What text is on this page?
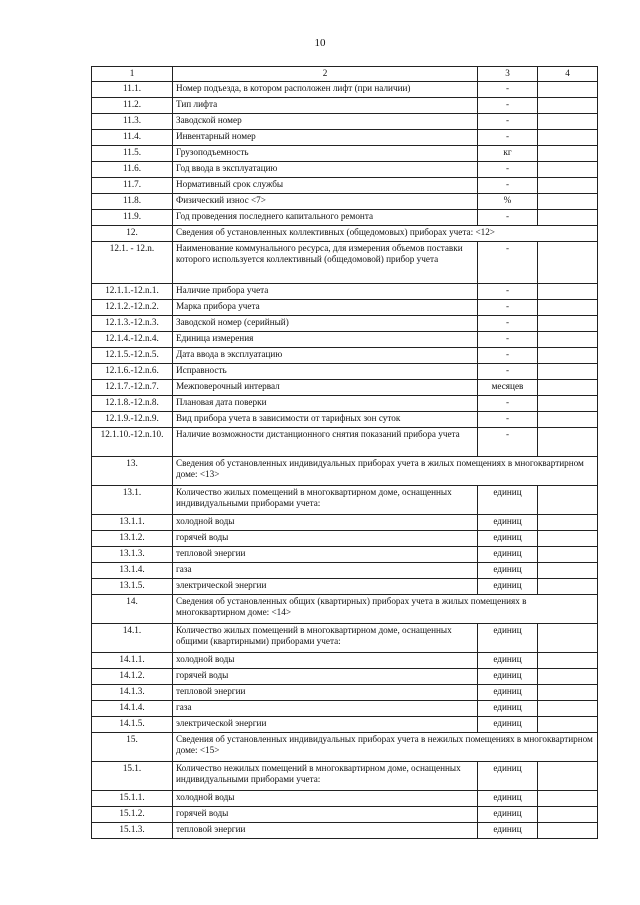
10
1	2	3	4
11.1.	Номер подъезда, в котором расположен лифт (при наличии)	-	
11.2.	Тип лифта	-	
11.3.	Заводской номер	-	
11.4.	Инвентарный номер	-	
11.5.	Грузоподъемность	кг	
11.6.	Год ввода в эксплуатацию	-	
11.7.	Нормативный срок службы	-	
11.8.	Физический износ <7>	%	
11.9.	Год проведения последнего капитального ремонта	-	
12.	Сведения об установленных коллективных (общедомовых) приборах учета: <12>		
12.1. - 12.n.	Наименование коммунального ресурса, для измерения объемов поставки которого используется коллективный (общедомовой) прибор учета	-	
12.1.1.-12.n.1.	Наличие прибора учета	-	
12.1.2.-12.n.2.	Марка прибора учета	-	
12.1.3.-12.n.3.	Заводской номер (серийный)	-	
12.1.4.-12.n.4.	Единица измерения	-	
12.1.5.-12.n.5.	Дата ввода в эксплуатацию	-	
12.1.6.-12.n.6.	Исправность	-	
12.1.7.-12.n.7.	Межповерочный интервал	месяцев	
12.1.8.-12.n.8.	Плановая дата поверки	-	
12.1.9.-12.n.9.	Вид прибора учета в зависимости от тарифных зон суток	-	
12.1.10.-12.n.10.	Наличие возможности дистанционного снятия показаний прибора учета	-	
13.	Сведения об установленных индивидуальных приборах учета в жилых помещениях в многоквартирном доме: <13>		
13.1.	Количество жилых помещений в многоквартирном доме, оснащенных индивидуальными приборами учета:	единиц	
13.1.1.	холодной воды	единиц	
13.1.2.	горячей воды	единиц	
13.1.3.	тепловой энергии	единиц	
13.1.4.	газа	единиц	
13.1.5.	электрической энергии	единиц	
14.	Сведения об установленных общих (квартирных) приборах учета в жилых помещениях в многоквартирном доме: <14>		
14.1.	Количество жилых помещений в многоквартирном доме, оснащенных общими (квартирными) приборами учета:	единиц	
14.1.1.	холодной воды	единиц	
14.1.2.	горячей воды	единиц	
14.1.3.	тепловой энергии	единиц	
14.1.4.	газа	единиц	
14.1.5.	электрической энергии	единиц	
15.	Сведения об установленных индивидуальных приборах учета в нежилых помещениях в многоквартирном доме: <15>		
15.1.	Количество нежилых помещений в многоквартирном доме, оснащенных индивидуальными приборами учета:	единиц	
15.1.1.	холодной воды	единиц	
15.1.2.	горячей воды	единиц	
15.1.3.	тепловой энергии	единиц	
